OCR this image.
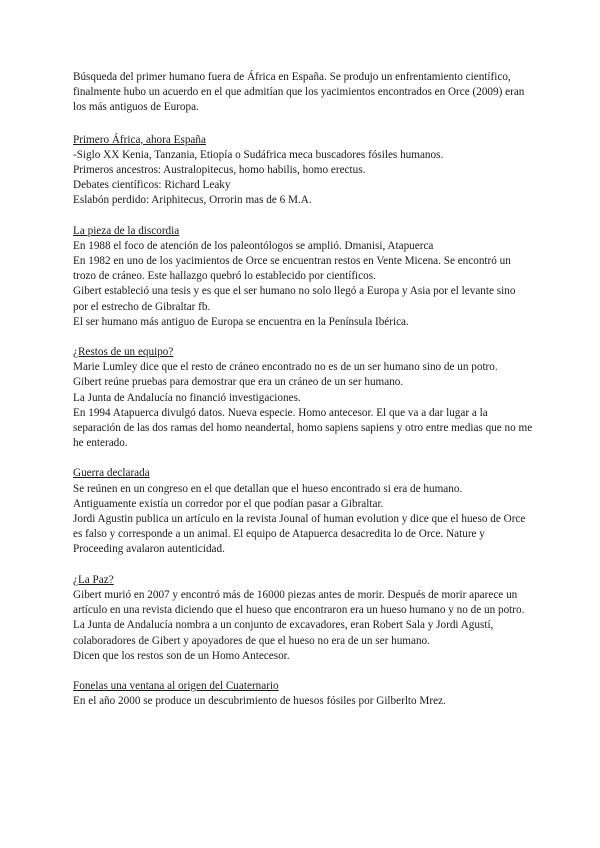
Búsqueda del primer humano fuera de África en España. Se produjo un enfrentamiento científico, finalmente hubo un acuerdo en el que admitían que los yacimientos encontrados en Orce (2009) eran los más antiguos de Europa.

Primero África, ahora España

-Siglo XX Kenia, Tanzania, Etiopía o Sudáfrica meca buscadores fósiles humanos.

Primeros ancestros: Australopitecus, homo habilis, homo erectus.

Debates científicos: Richard Leaky

Eslabón perdido: Ariphitecus, Orrorin mas de 6 M.A.

La pieza de la discordia

En 1988 el foco de atención de los paleontólogos se amplió. Dmanisi, Atapuerca

En 1982 en uno de los yacimientos de Orce se encuentran restos en Vente Micena. Se encontró un trozo de cráneo. Este hallazgo quebró lo establecido por científicos.

Gibert estableció una tesis y es que el ser humano no solo llegó a Europa y Asia por el levante sino por el estrecho de Gibraltar fb.

El ser humano más antiguo de Europa se encuentra en la Península Ibérica.

¿Restos de un equipo?

Marie Lumley dice que el resto de cráneo encontrado no es de un ser humano sino de un potro.

Gibert reúne pruebas para demostrar que era un cráneo de un ser humano.

La Junta de Andalucía no financió investigaciones.

En 1994 Atapuerca divulgó datos. Nueva especie. Homo antecesor. El que va a dar lugar a la separación de las dos ramas del homo neandertal, homo sapiens sapiens y otro entre medias que no me he enterado.

Guerra declarada

Se reúnen en un congreso en el que detallan que el hueso encontrado si era de humano.

Antiguamente existía un corredor por el que podían pasar a Gibraltar.

Jordi Agustin publica un artículo en la revista Jounal of human evolution y dice que el hueso de Orce es falso y corresponde a un animal. El equipo de Atapuerca desacredita lo de Orce. Nature y Proceeding avalaron autenticidad.

¿La Paz?

Gibert murió en 2007 y encontró más de 16000 piezas antes de morir. Después de morir aparece un artículo en una revista diciendo que el hueso que encontraron era un hueso humano y no de un potro. La Junta de Andalucía nombra a un conjunto de excavadores, eran Robert Sala y Jordi Agustí, colaboradores de Gibert y apoyadores de que el hueso no era de un ser humano.

Dicen que los restos son de un Homo Antecesor.

Fonelas una ventana al origen del Cuaternario

En el año 2000 se produce un descubrimiento de huesos fósiles por Gilberlto Mrez.
